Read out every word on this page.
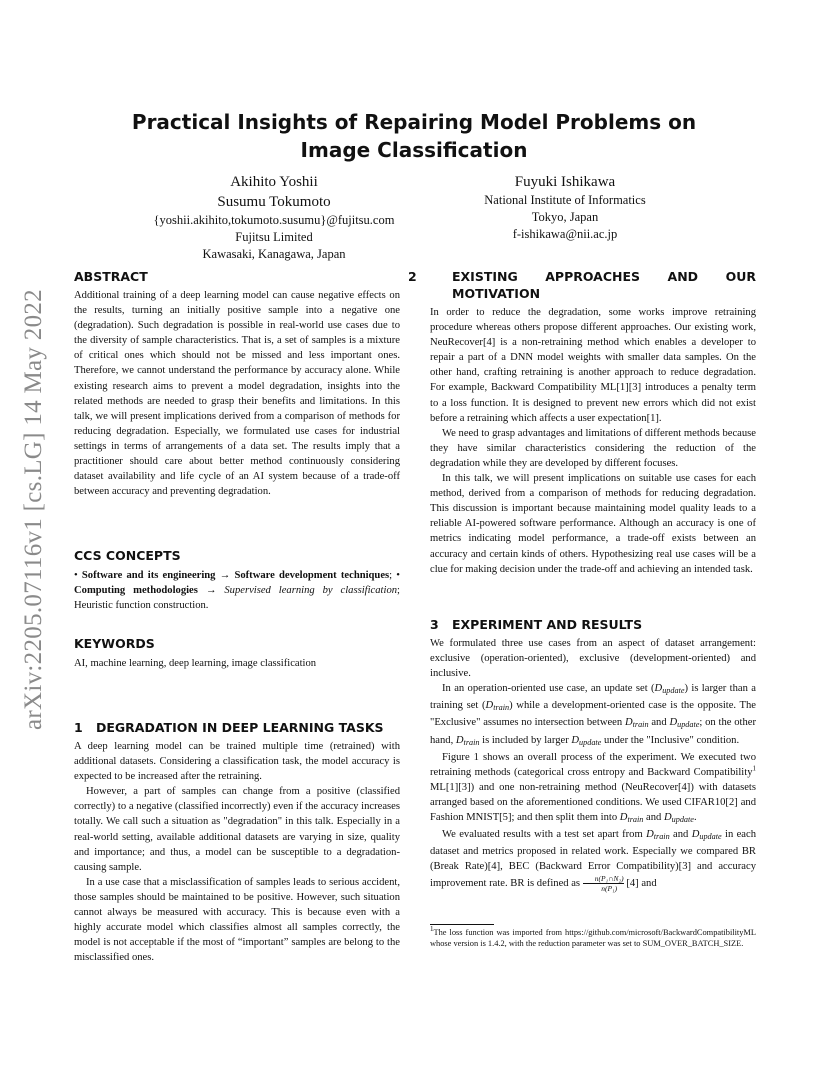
arXiv:2205.07116v1 [cs.LG] 14 May 2022
Practical Insights of Repairing Model Problems on Image Classification
Akihito Yoshii
Susumu Tokumoto
{yoshii.akihito,tokumoto.susumu}@fujitsu.com
Fujitsu Limited
Kawasaki, Kanagawa, Japan
Fuyuki Ishikawa
National Institute of Informatics
Tokyo, Japan
f-ishikawa@nii.ac.jp
ABSTRACT

Additional training of a deep learning model can cause negative effects on the results, turning an initially positive sample into a negative one (degradation). Such degradation is possible in real-world use cases due to the diversity of sample characteristics. That is, a set of samples is a mixture of critical ones which should not be missed and less important ones. Therefore, we cannot understand the performance by accuracy alone. While existing research aims to prevent a model degradation, insights into the related methods are needed to grasp their benefits and limitations. In this talk, we will present implications derived from a comparison of methods for reducing degradation. Especially, we formulated use cases for industrial settings in terms of arrangements of a data set. The results imply that a practitioner should care about better method continuously considering dataset availability and life cycle of an AI system because of a trade-off between accuracy and preventing degradation.

CCS CONCEPTS

• Software and its engineering → Software development techniques; • Computing methodologies → Supervised learning by classification; Heuristic function construction.

KEYWORDS

AI, machine learning, deep learning, image classification

1 DEGRADATION IN DEEP LEARNING TASKS

A deep learning model can be trained multiple time (retrained) with additional datasets. Considering a classification task, the model accuracy is expected to be increased after the retraining.

However, a part of samples can change from a positive (classified correctly) to a negative (classified incorrectly) even if the accuracy increases totally. We call such a situation as "degradation" in this talk. Especially in a real-world setting, available additional datasets are varying in size, quality and importance; and thus, a model can be susceptible to a degradation-causing sample.

In a use case that a misclassification of samples leads to serious accident, those samples should be maintained to be positive. However, such situation cannot always be measured with accuracy. This is because even with a highly accurate model which classifies almost all samples correctly, the model is not acceptable if the most of “important” samples are belong to the misclassified ones.

2	EXISTING APPROACHES AND OUR MOTIVATION

In order to reduce the degradation, some works improve retraining procedure whereas others propose different approaches. Our existing work, NeuRecover[4] is a non-retraining method which enables a developer to repair a part of a DNN model weights with smaller data samples. On the other hand, crafting retraining is another approach to reduce degradation. For example, Backward Compatibility ML[1][3] introduces a penalty term to a loss function. It is designed to prevent new errors which did not exist before a retraining which affects a user expectation[1].

We need to grasp advantages and limitations of different methods because they have similar characteristics considering the reduction of the degradation while they are developed by different focuses.

In this talk, we will present implications on suitable use cases for each method, derived from a comparison of methods for reducing degradation. This discussion is important because maintaining model quality leads to a reliable AI-powered software performance. Although an accuracy is one of metrics indicating model performance, a trade-off exists between an accuracy and certain kinds of others. Hypothesizing real use cases will be a clue for making decision under the trade-off and achieving an intended task.

3 EXPERIMENT AND RESULTS

We formulated three use cases from an aspect of dataset arrangement: exclusive (operation-oriented), exclusive (development-oriented) and inclusive.

In an operation-oriented use case, an update set $(D_{update})$ is larger than a training set $(D_{train})$ while a development-oriented case is the opposite. The "Exclusive" assumes no intersection between $D_{train}$ and $D_{update}$; on the other hand, $D_{train}$ is included by larger $D_{update}$ under the "Inclusive" condition.

Figure 1 shows an overall process of the experiment. We executed two retraining methods (categorical cross entropy and Backward Compatibility$^1$ ML[1][3]) and one non-retraining method (NeuRecover[4]) with datasets arranged based on the aforementioned conditions. We used CIFAR10[2] and Fashion MNIST[5]; and then split them into $D_{train}$ and $D_{update}$.

We evaluated results with a test set apart from $D_{train}$ and $D_{update}$ in each dataset and metrics proposed in related work. Especially we compared BR (Break Rate)[4], BEC (Backward Error Compatibility)[3] and accuracy improvement rate. BR is defined as $\frac{\text{n(P₁∩N₂)}}{\text{n(P₁)}} [4]$ and

$^1$The loss function was imported from https://github.com/microsoft/BackwardCompatibilityML whose version is 1.4.2, with the reduction parameter was set to SUM_OVER_BATCH_SIZE.
